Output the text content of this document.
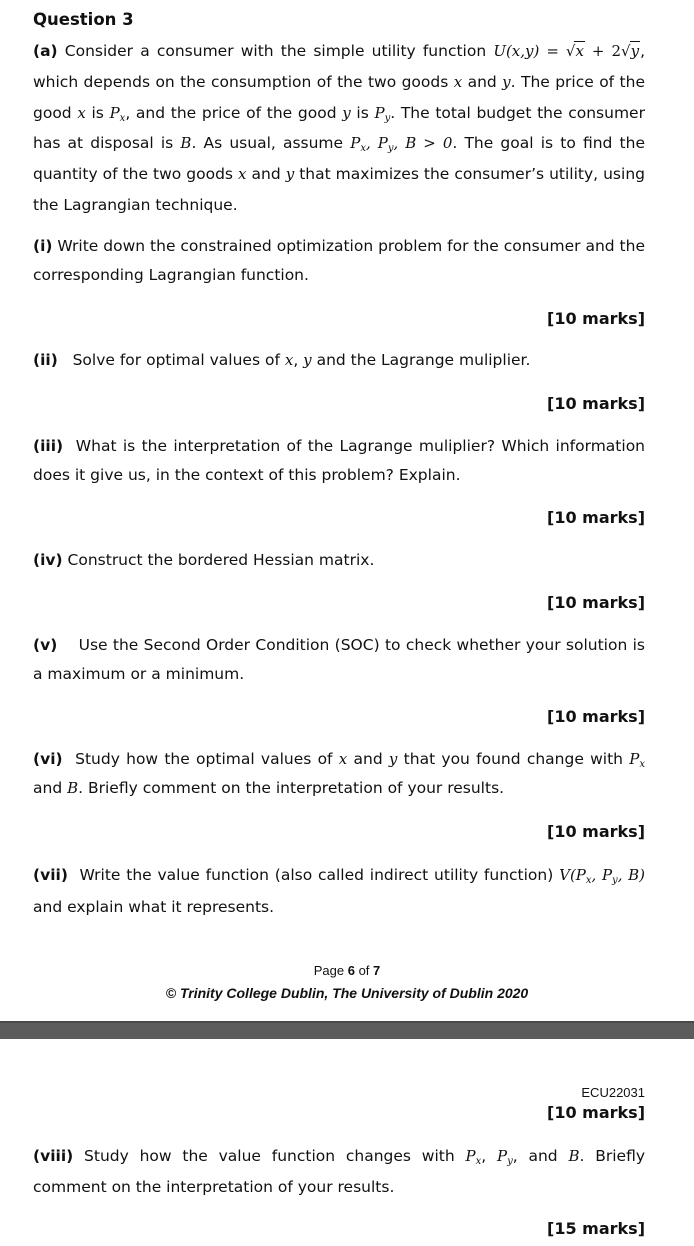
Question 3
(a) Consider a consumer with the simple utility function U(x,y) = √x + 2√y, which depends on the consumption of the two goods x and y. The price of the good x is $P_x$, and the price of the good y is $P_y$. The total budget the consumer has at disposal is B. As usual, assume $P_x$, $P_y$, B > 0. The goal is to find the quantity of the two goods x and y that maximizes the consumer’s utility, using the Lagrangian technique.
(i) Write down the constrained optimization problem for the consumer and the corresponding Lagrangian function.
[10 marks]
(ii) Solve for optimal values of x, y and the Lagrange muliplier.
[10 marks]
(iii) What is the interpretation of the Lagrange muliplier? Which information does it give us, in the context of this problem? Explain.
[10 marks]
(iv) Construct the bordered Hessian matrix.
[10 marks]
(v) Use the Second Order Condition (SOC) to check whether your solution is a maximum or a minimum.
[10 marks]
(vi) Study how the optimal values of x and y that you found change with $P_x$ and B. Briefly comment on the interpretation of your results.
[10 marks]
(vii) Write the value function (also called indirect utility function) $V(P_x$, $P_y$, B) and explain what it represents.
Page 6 of 7
© Trinity College Dublin, The University of Dublin 2020
ECU22031
[10 marks]
(viii) Study how the value function changes with $P_x$, $P_y$, and B. Briefly comment on the interpretation of your results.
[15 marks]
